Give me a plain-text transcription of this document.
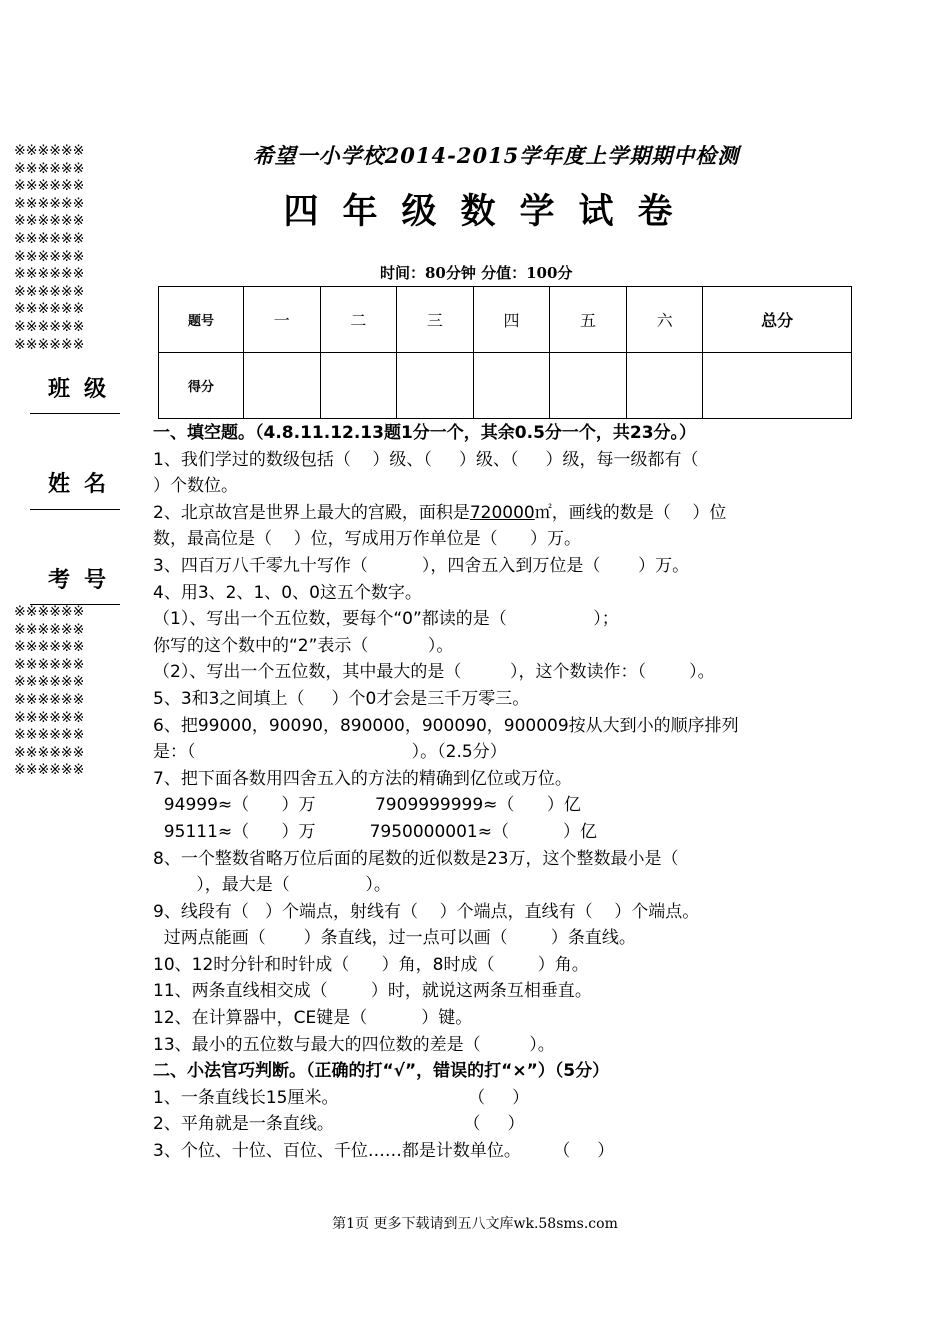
※※※※※※
※※※※※※
※※※※※※
※※※※※※
※※※※※※
※※※※※※
※※※※※※
※※※※※※
※※※※※※
※※※※※※
※※※※※※
※※※※※※
班级
姓名
考号
※※※※※※
※※※※※※
※※※※※※
※※※※※※
※※※※※※
※※※※※※
※※※※※※
※※※※※※
※※※※※※
※※※※※※
希望一小学校2014-2015学年度上学期期中检测
四年级数学试卷
时间：80分钟 分值：100分
题号	一	二	三	四	五	六	总分
得分							
一、填空题。（4.8.11.12.13题1分一个，其余0.5分一个，共23分。）
1、我们学过的数级包括（    ）级、（     ）级、（     ）级，每一级都有（
）个数位。
2、北京故宫是世界上最大的宫殿，面积是720000㎡，画线的数是（    ）位
数，最高位是（    ）位，写成用万作单位是（      ）万。
3、四百万八千零九十写作（          ），四舍五入到万位是（       ）万。
4、用3、2、1、0、0这五个数字。
（1）、写出一个五位数，要每个“0”都读的是（                ）；
你写的这个数中的“2”表示（           ）。
（2）、写出一个五位数，其中最大的是（         ），这个数读作：（        ）。
5、3和3之间填上（     ）个0才会是三千万零三。
6、把99000，90090，890000，900090，900009按从大到小的顺序排列
是：（                                        ）。（2.5分）
7、把下面各数用四舍五入的方法的精确到亿位或万位。
94999≈（      ）万           7909999999≈（      ）亿
95111≈（      ）万          7950000001≈（          ）亿
8、一个整数省略万位后面的尾数的近似数是23万，这个整数最小是（
），最大是（              ）。
9、线段有（   ）个端点，射线有（    ）个端点，直线有（    ）个端点。
过两点能画（       ）条直线，过一点可以画（        ）条直线。
10、12时分针和时针成（      ）角，8时成（        ）角。
11、两条直线相交成（        ）时，就说这两条互相垂直。
12、在计算器中，CE键是（          ）键。
13、最小的五位数与最大的四位数的差是（         ）。
二、小法官巧判断。（正确的打“√”，错误的打“×”）（5分）
1、一条直线长15厘米。                        （     ）
2、平角就是一条直线。                        （     ）
3、个位、十位、百位、千位……都是计数单位。      （     ）
第1页 更多下载请到五八文库wk.58sms.com
